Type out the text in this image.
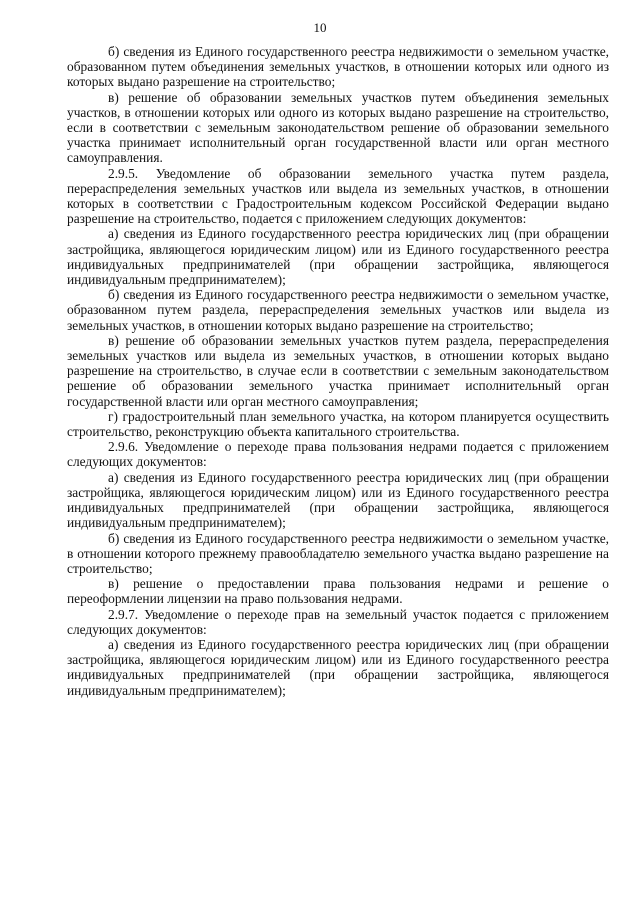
10

б) сведения из Единого государственного реестра недвижимости о земельном участке, образованном путем объединения земельных участков, в отношении которых или одного из которых выдано разрешение на строительство;

в) решение об образовании земельных участков путем объединения земельных участков, в отношении которых или одного из которых выдано разрешение на строительство, если в соответствии с земельным законодательством решение об образовании земельного участка принимает исполнительный орган государственной власти или орган местного самоуправления.

2.9.5. Уведомление об образовании земельного участка путем раздела, перераспределения земельных участков или выдела из земельных участков, в отношении которых в соответствии с Градостроительным кодексом Российской Федерации выдано разрешение на строительство, подается с приложением следующих документов:

а) сведения из Единого государственного реестра юридических лиц (при обращении застройщика, являющегося юридическим лицом) или из Единого государственного реестра индивидуальных предпринимателей (при обращении застройщика, являющегося индивидуальным предпринимателем);

б) сведения из Единого государственного реестра недвижимости о земельном участке, образованном путем раздела, перераспределения земельных участков или выдела из земельных участков, в отношении которых выдано разрешение на строительство;

в) решение об образовании земельных участков путем раздела, перераспределения земельных участков или выдела из земельных участков, в отношении которых выдано разрешение на строительство, в случае если в соответствии с земельным законодательством решение об образовании земельного участка принимает исполнительный орган государственной власти или орган местного самоуправления;

г) градостроительный план земельного участка, на котором планируется осуществить строительство, реконструкцию объекта капитального строительства.

2.9.6. Уведомление о переходе права пользования недрами подается с приложением следующих документов:

а) сведения из Единого государственного реестра юридических лиц (при обращении застройщика, являющегося юридическим лицом) или из Единого государственного реестра индивидуальных предпринимателей (при обращении застройщика, являющегося индивидуальным предпринимателем);

б) сведения из Единого государственного реестра недвижимости о земельном участке, в отношении которого прежнему правообладателю земельного участка выдано разрешение на строительство;

в) решение о предоставлении права пользования недрами и решение о переоформлении лицензии на право пользования недрами.

2.9.7. Уведомление о переходе прав на земельный участок подается с приложением следующих документов:

а) сведения из Единого государственного реестра юридических лиц (при обращении застройщика, являющегося юридическим лицом) или из Единого государственного реестра индивидуальных предпринимателей (при обращении застройщика, являющегося индивидуальным предпринимателем);
